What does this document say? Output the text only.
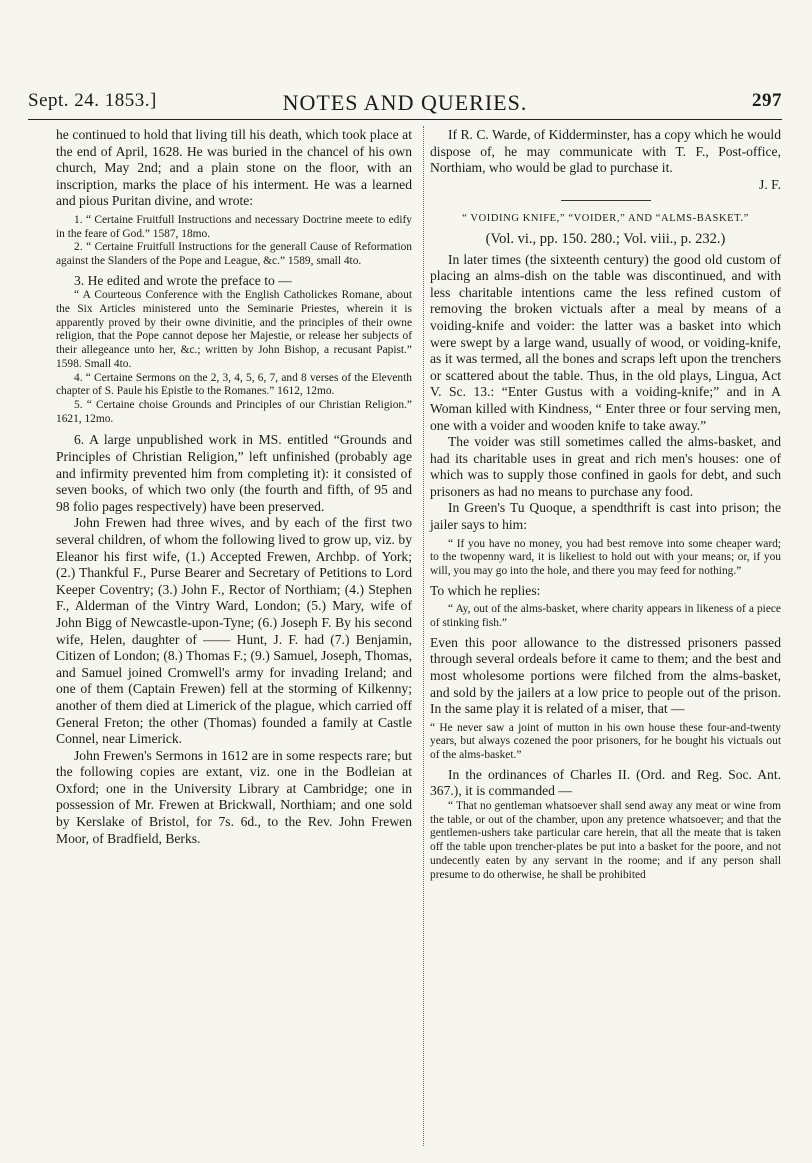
Sept. 24. 1853.]	NOTES AND QUERIES.	297

he continued to hold that living till his death, which took place at the end of April, 1628. He was buried in the chancel of his own church, May 2nd; and a plain stone on the floor, with an inscription, marks the place of his interment. He was a learned and pious Puritan divine, and wrote:

1. “ Certaine Fruitfull Instructions and necessary Doctrine meete to edify in the feare of God.” 1587, 18mo.

2. “ Certaine Fruitfull Instructions for the generall Cause of Reformation against the Slanders of the Pope and League, &c.” 1589, small 4to.

3. He edited and wrote the preface to —

“ A Courteous Conference with the English Catholickes Romane, about the Six Articles ministered unto the Seminarie Priestes, wherein it is apparently proved by their owne divinitie, and the principles of their owne religion, that the Pope cannot depose her Majestie, or release her subjects of their allegeance unto her, &c.; written by John Bishop, a recusant Papist.” 1598. Small 4to.

4. “ Certaine Sermons on the 2, 3, 4, 5, 6, 7, and 8 verses of the Eleventh chapter of S. Paule his Epistle to the Romanes.” 1612, 12mo.

5. “ Certaine choise Grounds and Principles of our Christian Religion.” 1621, 12mo.

6. A large unpublished work in MS. entitled “Grounds and Principles of Christian Religion,” left unfinished (probably age and infirmity prevented him from completing it): it consisted of seven books, of which two only (the fourth and fifth, of 95 and 98 folio pages respectively) have been preserved.

John Frewen had three wives, and by each of the first two several children, of whom the following lived to grow up, viz. by Eleanor his first wife, (1.) Accepted Frewen, Archbp. of York; (2.) Thankful F., Purse Bearer and Secretary of Petitions to Lord Keeper Coventry; (3.) John F., Rector of Northiam; (4.) Stephen F., Alderman of the Vintry Ward, London; (5.) Mary, wife of John Bigg of Newcastle-upon-Tyne; (6.) Joseph F. By his second wife, Helen, daughter of —— Hunt, J. F. had (7.) Benjamin, Citizen of London; (8.) Thomas F.; (9.) Samuel, Joseph, Thomas, and Samuel joined Cromwell's army for invading Ireland; and one of them (Captain Frewen) fell at the storming of Kilkenny; another of them died at Limerick of the plague, which carried off General Freton; the other (Thomas) founded a family at Castle Connel, near Limerick.

John Frewen's Sermons in 1612 are in some respects rare; but the following copies are extant, viz. one in the Bodleian at Oxford; one in the University Library at Cambridge; one in possession of Mr. Frewen at Brickwall, Northiam; and one sold by Kerslake of Bristol, for 7s. 6d., to the Rev. John Frewen Moor, of Bradfield, Berks.

If R. C. Warde, of Kidderminster, has a copy which he would dispose of, he may communicate with T. F., Post-office, Northiam, who would be glad to purchase it.

J. F.

“ VOIDING KNIFE,” “VOIDER,” AND “ALMS-BASKET.”

(Vol. vi., pp. 150. 280.; Vol. viii., p. 232.)

In later times (the sixteenth century) the good old custom of placing an alms-dish on the table was discontinued, and with less charitable intentions came the less refined custom of removing the broken victuals after a meal by means of a voiding-knife and voider: the latter was a basket into which were swept by a large wand, usually of wood, or voiding-knife, as it was termed, all the bones and scraps left upon the trenchers or scattered about the table. Thus, in the old plays, Lingua, Act V. Sc. 13.: “Enter Gustus with a voiding-knife;” and in A Woman killed with Kindness, “ Enter three or four serving men, one with a voider and wooden knife to take away.”

The voider was still sometimes called the alms-basket, and had its charitable uses in great and rich men's houses: one of which was to supply those confined in gaols for debt, and such prisoners as had no means to purchase any food.

In Green's Tu Quoque, a spendthrift is cast into prison; the jailer says to him:

“ If you have no money, you had best remove into some cheaper ward; to the twopenny ward, it is likeliest to hold out with your means; or, if you will, you may go into the hole, and there you may feed for nothing.”

To which he replies:

“ Ay, out of the alms-basket, where charity appears in likeness of a piece of stinking fish.”

Even this poor allowance to the distressed prisoners passed through several ordeals before it came to them; and the best and most wholesome portions were filched from the alms-basket, and sold by the jailers at a low price to people out of the prison. In the same play it is related of a miser, that —

“ He never saw a joint of mutton in his own house these four-and-twenty years, but always cozened the poor prisoners, for he bought his victuals out of the alms-basket.”

In the ordinances of Charles II. (Ord. and Reg. Soc. Ant. 367.), it is commanded —

“ That no gentleman whatsoever shall send away any meat or wine from the table, or out of the chamber, upon any pretence whatsoever; and that the gentlemen-ushers take particular care herein, that all the meate that is taken off the table upon trencher-plates be put into a basket for the poore, and not undecently eaten by any servant in the roome; and if any person shall presume to do otherwise, he shall be prohibited
